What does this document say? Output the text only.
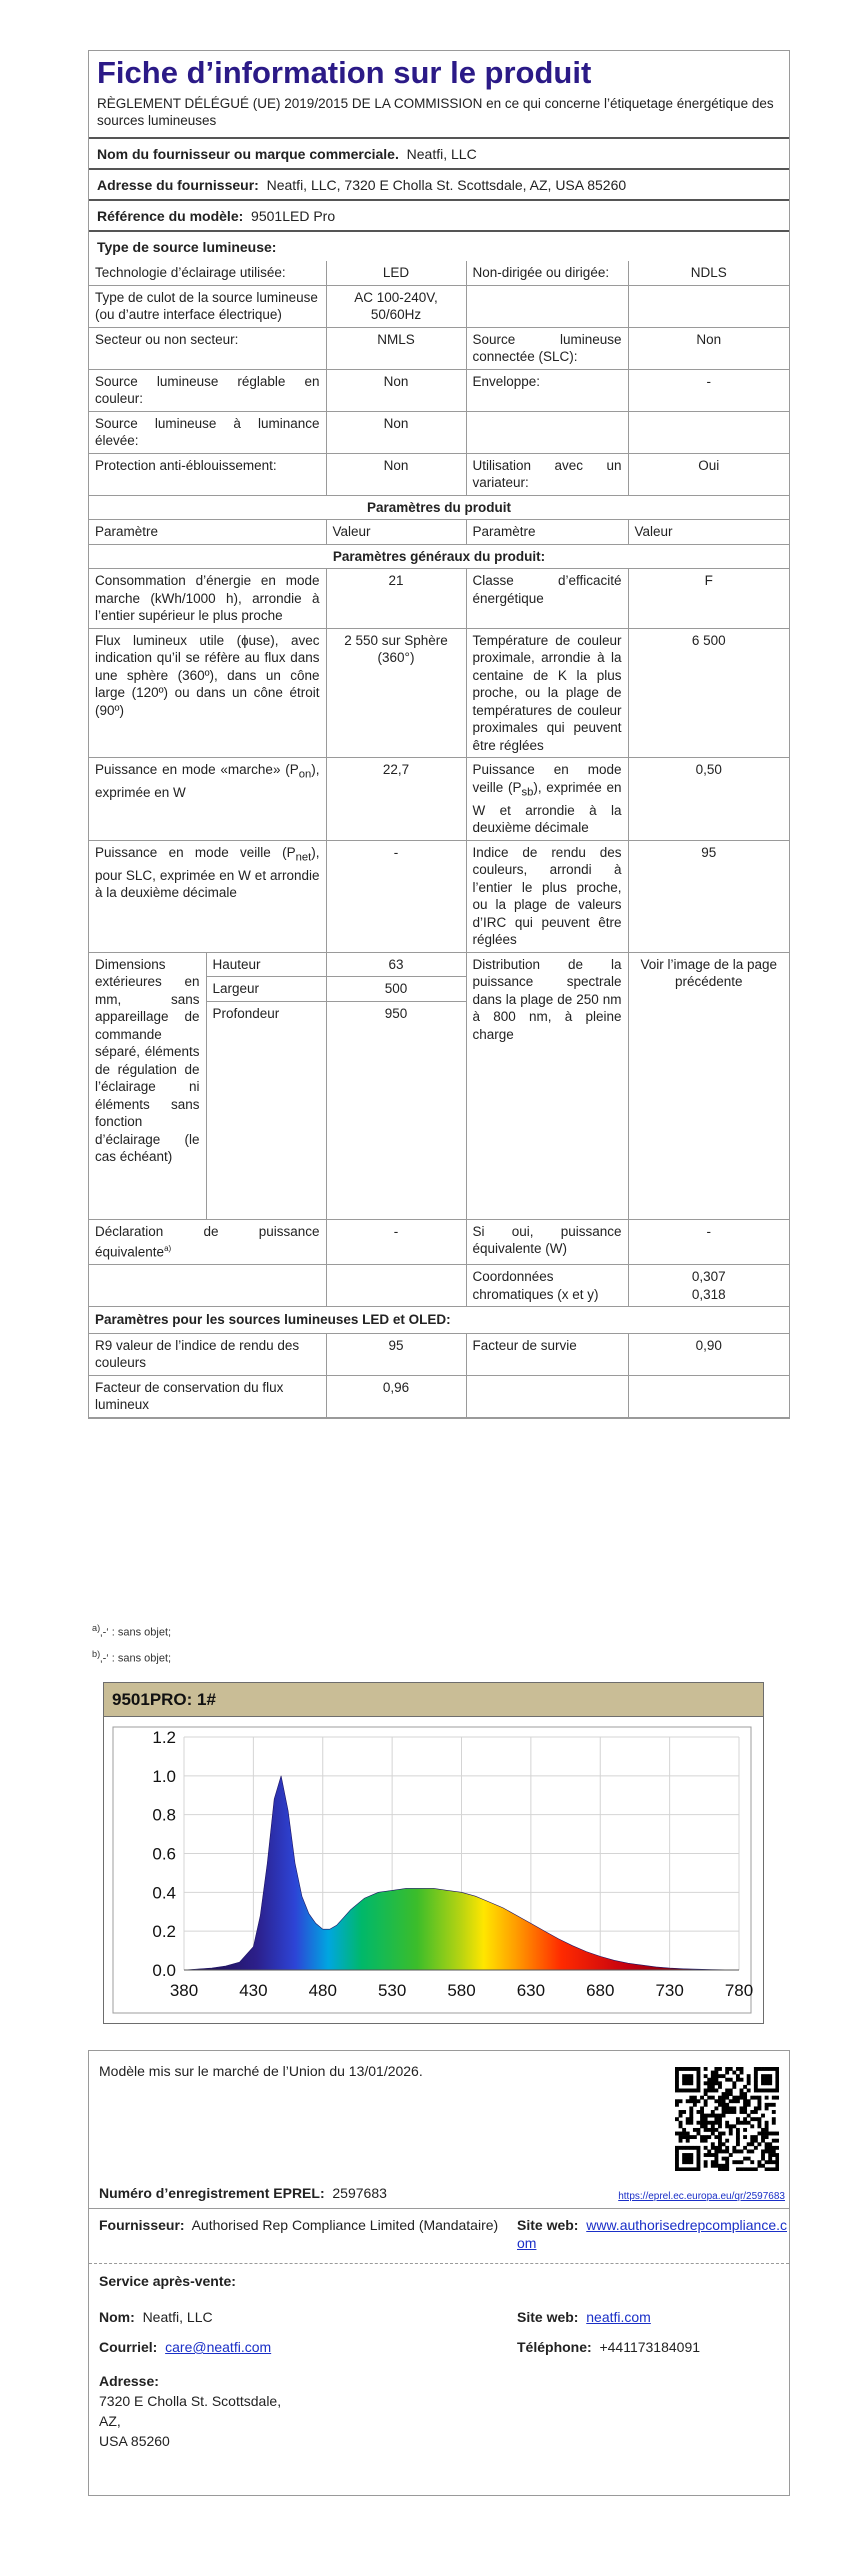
Fiche d’information sur le produit
RÈGLEMENT DÉLÉGUÉ (UE) 2019/2015 DE LA COMMISSION en ce qui concerne l’étiquetage énergétique des sources lumineuses
Nom du fournisseur ou marque commerciale. Neatfi, LLC
Adresse du fournisseur: Neatfi, LLC, 7320 E Cholla St. Scottsdale, AZ, USA 85260
Référence du modèle: 9501LED Pro
Type de source lumineuse:
Technologie d’éclairage utilisée:	LED	Non-dirigée ou dirigée:	NDLS
Type de culot de la source lumineuse
(ou d’autre interface électrique)	AC 100-240V, 50/60Hz		
Secteur ou non secteur:	NMLS	Source lumineuse connectée (SLC):	Non
Source lumineuse réglable en couleur:	Non	Enveloppe:	-
Source lumineuse à luminance élevée:	Non		
Protection anti-éblouissement:	Non	Utilisation avec un variateur:	Oui
Paramètres du produit				
Paramètre		Valeur	Paramètre	Valeur
Paramètres généraux du produit:				
Consommation d’énergie en mode marche (kWh/1000 h), arrondie à l’entier supérieur le plus proche		21	Classe d’efficacité énergétique	F
Flux lumineux utile (ɸuse), avec indication qu’il se réfère au flux dans une sphère (360º), dans un cône large (120º) ou dans un cône étroit (90º)		2 550 sur Sphère (360°)	Température de couleur proximale, arrondie à la centaine de K la plus proche, ou la plage de températures de couleur proximales qui peuvent être réglées	6 500
Puissance en mode «marche» $(P_{on})$, exprimée en W		22,7	Puissance en mode veille $(P_{sb})$, exprimée en W et arrondie à la deuxième décimale	0,50
Puissance en mode veille $(P_{net})$, pour SLC, exprimée en W et arrondie à la deuxième décimale		-	Indice de rendu des couleurs, arrondi à l’entier le plus proche, ou la plage de valeurs d’IRC qui peuvent être réglées	95
Dimensions extérieures en mm, sans appareillage de commande séparé, éléments de régulation de l’éclairage ni éléments sans fonction d’éclairage (le cas échéant)	Hauteur	63	Distribution de la puissance spectrale dans la plage de 250 nm à 800 nm, à pleine charge	Voir l’image de la page précédente
	Largeur	500		
	Profondeur	950		
Déclaration de puissance équivalente$^{a)}$		-	Si oui, puissance équivalente (W)	-
			Coordonnées chromatiques (x et y)	0,307
0,318
Paramètres pour les sources lumineuses LED et OLED:				
R9 valeur de l’indice de rendu des couleurs		95	Facteur de survie	0,90
Facteur de conservation du flux lumineux		0,96		
$^{a)}$‚-‘ : sans objet;
$^{b)}$‚-‘ : sans objet;
9501PRO: 1#
0.0
0.2
0.4
0.6
0.8
1.0
1.2
380 430 480 530 580 630 680 730 780
Modèle mis sur le marché de l’Union du 13/01/2026.
Numéro d’enregistrement EPREL: 2597683	https://eprel.ec.europa.eu/qr/2597683
Fournisseur: Authorised Rep Compliance Limited (Mandataire)	Site web: www.authorisedrepcompliance.com
Service après-vente:
Nom: Neatfi, LLC	Site web: neatfi.com
Courriel: care@neatfi.com	Téléphone: +441173184091
Adresse:
7320 E Cholla St. Scottsdale,
AZ,
USA 85260
